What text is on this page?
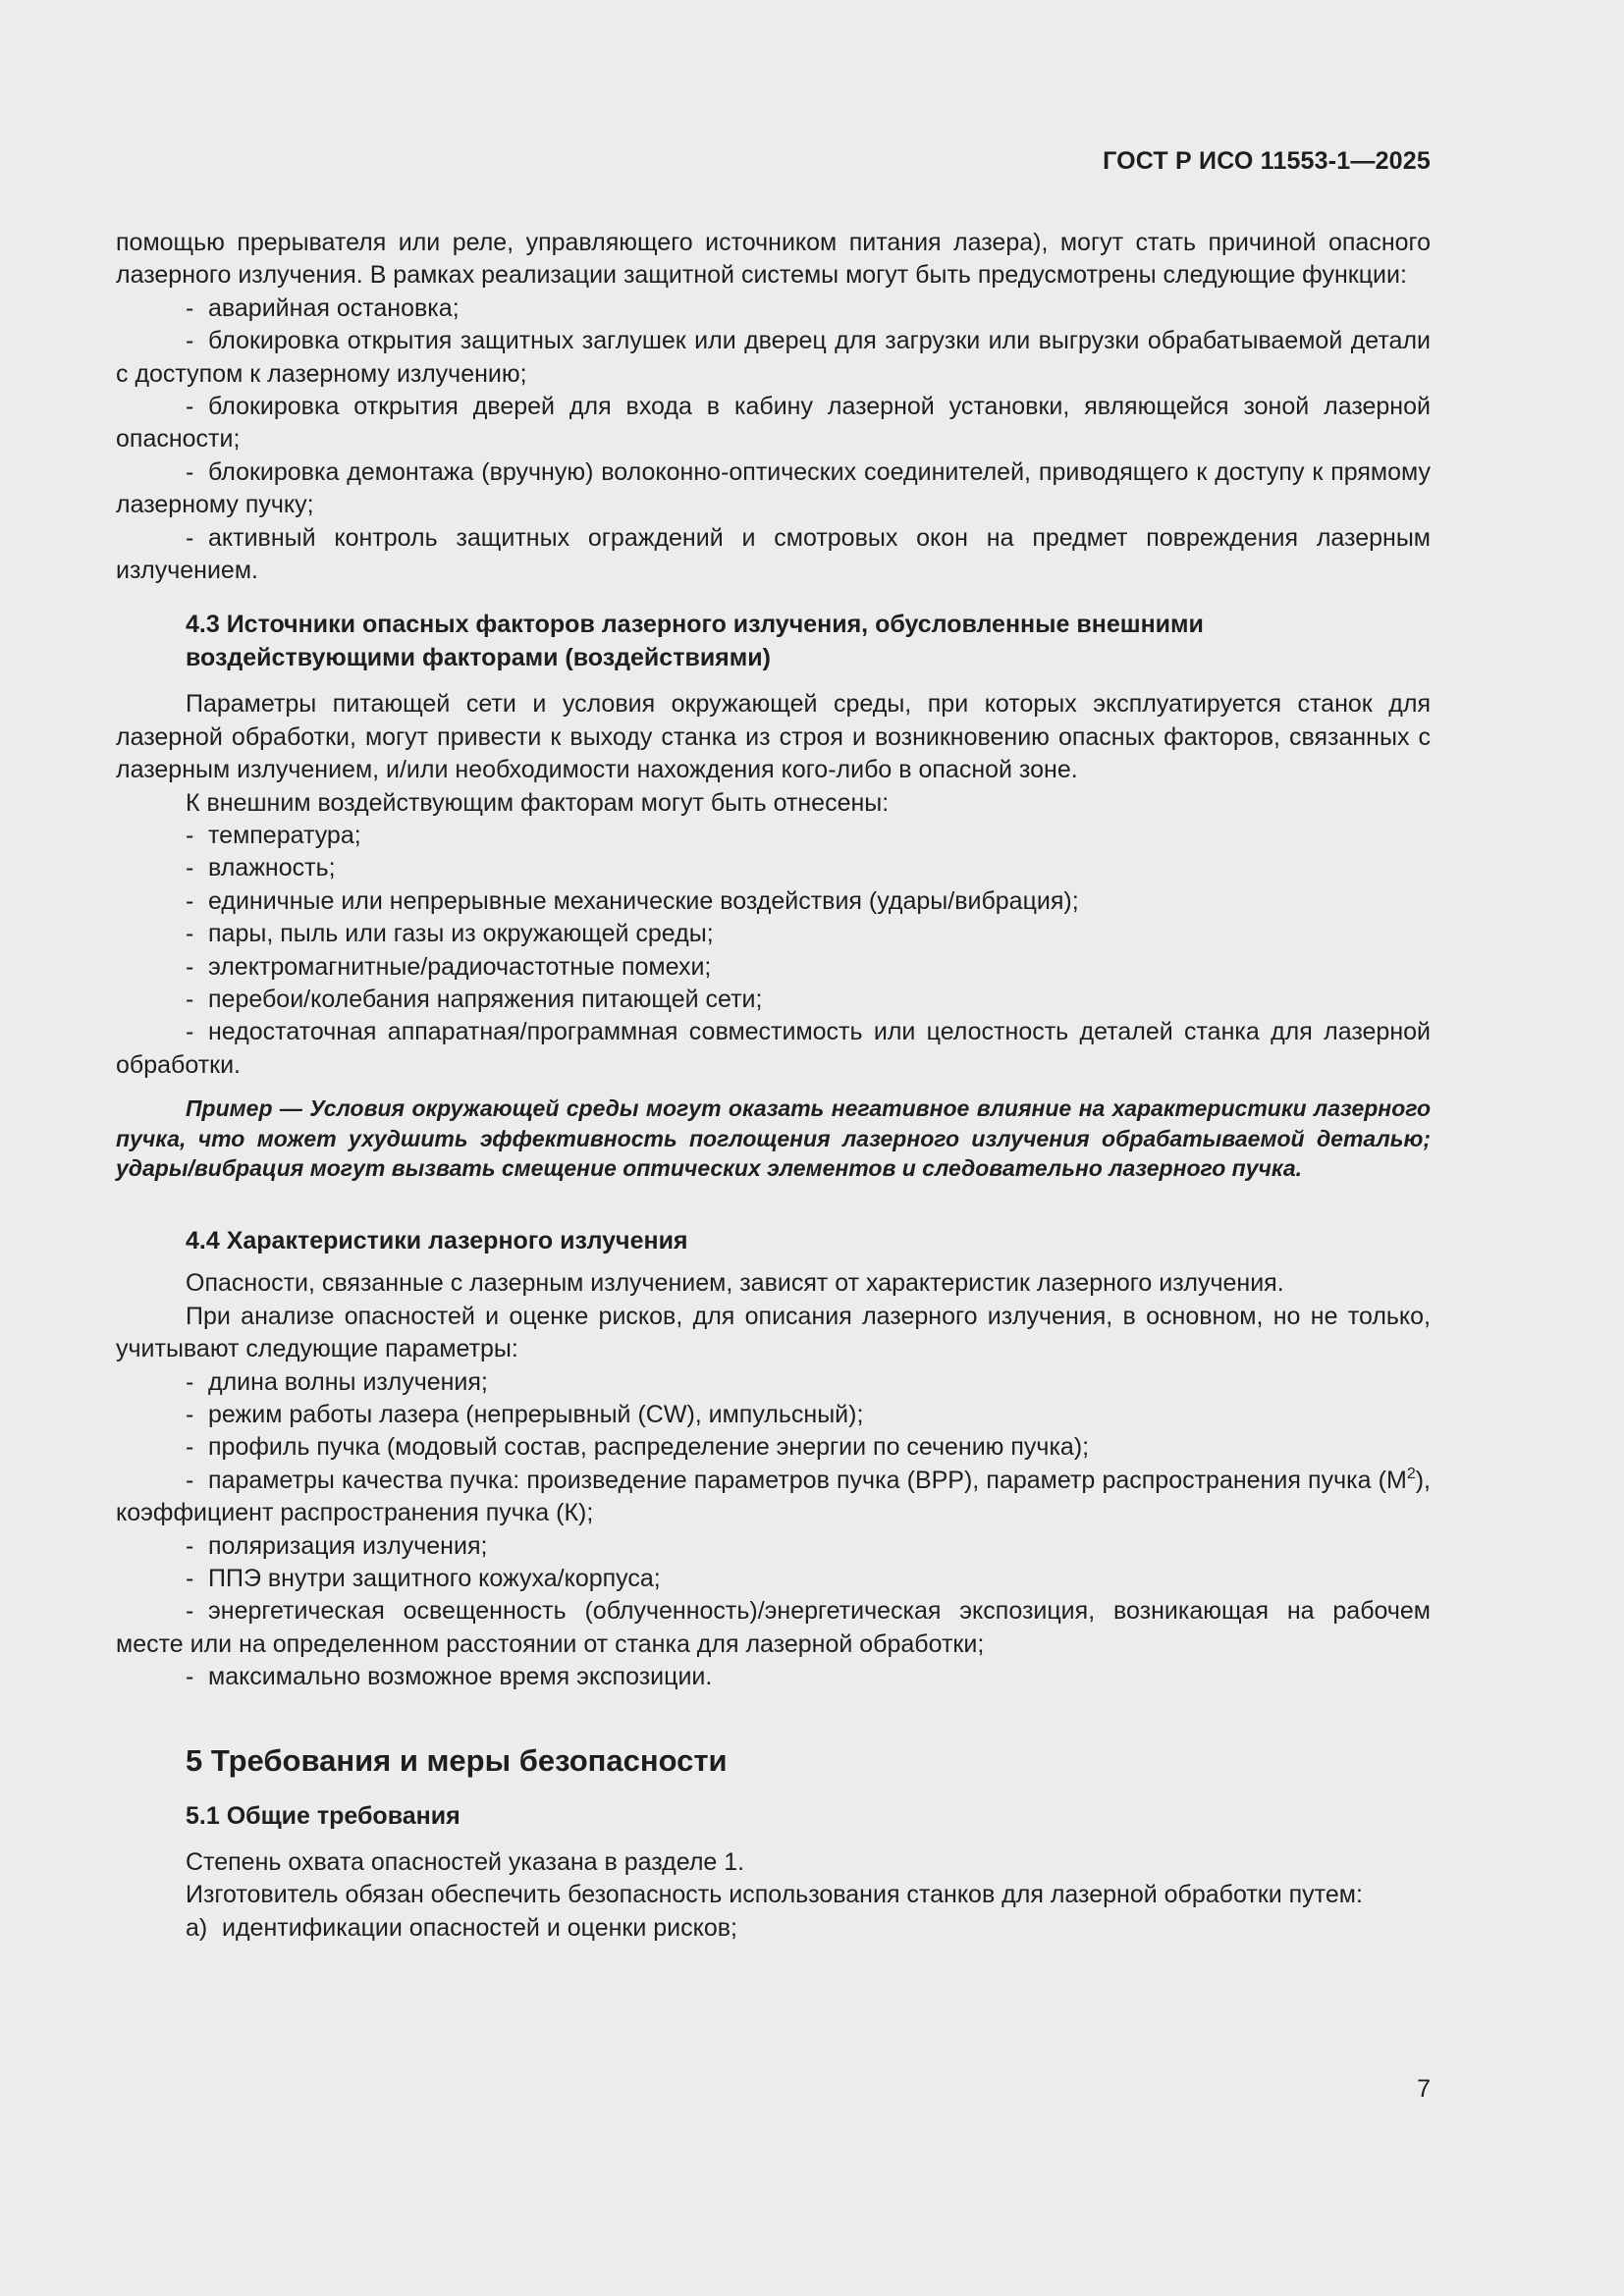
ГОСТ Р ИСО 11553-1—2025

помощью прерывателя или реле, управляющего источником питания лазера), могут стать причиной опасного лазерного излучения. В рамках реализации защитной системы могут быть предусмотрены следующие функции:

- аварийная остановка;

- блокировка открытия защитных заглушек или дверец для загрузки или выгрузки обрабатываемой детали с доступом к лазерному излучению;

- блокировка открытия дверей для входа в кабину лазерной установки, являющейся зоной лазерной опасности;

- блокировка демонтажа (вручную) волоконно-оптических соединителей, приводящего к доступу к прямому лазерному пучку;

- активный контроль защитных ограждений и смотровых окон на предмет повреждения лазерным излучением.

4.3 Источники опасных факторов лазерного излучения, обусловленные внешними
воздействующими факторами (воздействиями)

Параметры питающей сети и условия окружающей среды, при которых эксплуатируется станок для лазерной обработки, могут привести к выходу станка из строя и возникновению опасных факторов, связанных с лазерным излучением, и/или необходимости нахождения кого-либо в опасной зоне.

К внешним воздействующим факторам могут быть отнесены:

- температура;

- влажность;

- единичные или непрерывные механические воздействия (удары/вибрация);

- пары, пыль или газы из окружающей среды;

- электромагнитные/радиочастотные помехи;

- перебои/колебания напряжения питающей сети;

- недостаточная аппаратная/программная совместимость или целостность деталей станка для лазерной обработки.

Пример — Условия окружающей среды могут оказать негативное влияние на характеристики лазерного пучка, что может ухудшить эффективность поглощения лазерного излучения обрабатываемой деталью; удары/вибрация могут вызвать смещение оптических элементов и следовательно лазерного пучка.

4.4 Характеристики лазерного излучения

Опасности, связанные с лазерным излучением, зависят от характеристик лазерного излучения.

При анализе опасностей и оценке рисков, для описания лазерного излучения, в основном, но не только, учитывают следующие параметры:

- длина волны излучения;

- режим работы лазера (непрерывный (CW), импульсный);

- профиль пучка (модовый состав, распределение энергии по сечению пучка);

- параметры качества пучка: произведение параметров пучка (ВРР), параметр распространения пучка $(М^2)$, коэффициент распространения пучка (К);

- поляризация излучения;

- ППЭ внутри защитного кожуха/корпуса;

- энергетическая освещенность (облученность)/энергетическая экспозиция, возникающая на рабочем месте или на определенном расстоянии от станка для лазерной обработки;

- максимально возможное время экспозиции.

5 Требования и меры безопасности
5.1 Общие требования

Степень охвата опасностей указана в разделе 1.

Изготовитель обязан обеспечить безопасность использования станков для лазерной обработки путем:

а) идентификации опасностей и оценки рисков;

7
